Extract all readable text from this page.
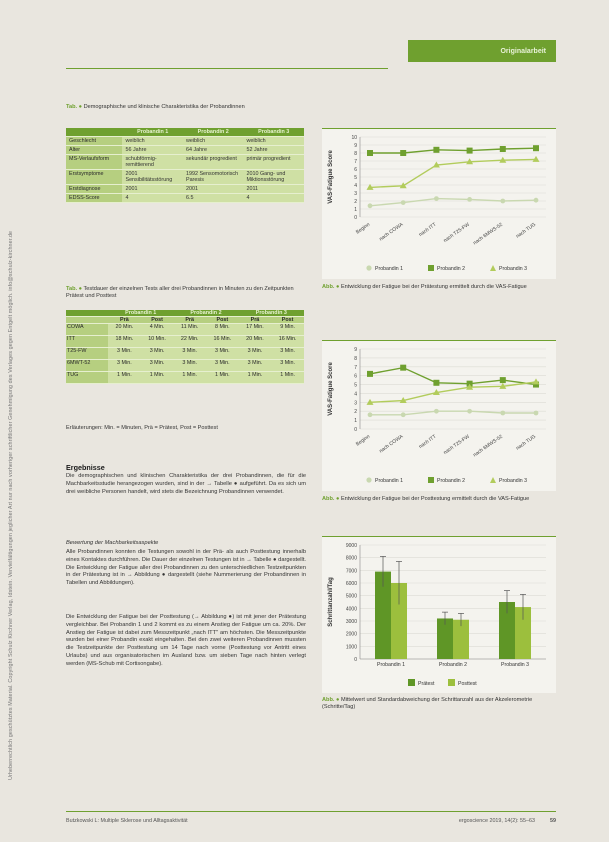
Urheberrechtlich geschütztes Material. Copyright Schulz Kirchner Verlag, Idstein. Vervielfältigungen jeglicher Art nur nach vorheriger schriftlicher Genehmigung des Verlages gegen Entgelt möglich. info@schulz-kirchner.de
Originalarbeit
Tab. ● Demographische und klinische Charakteristika der Probandinnen
	Probandin 1	Probandin 2	Probandin 3
Geschlecht	weiblich	weiblich	weiblich
Alter	56 Jahre	64 Jahre	52 Jahre
MS-Verlaufsform	schubförmig-remittierend	sekundär progredient	primär progredient
Erstsymptome	2001 Sensibilitätsstörung	1992 Sensomotorisch Paresis	2010 Gang- und Miktionsstörung
Erstdiagnose	2001	2001	2011
EDSS-Score	4	6.5	4
Tab. ● Testdauer der einzelnen Tests aller drei Probandinnen in Minuten zu den Zeitpunkten Prätest und Posttest
	Probandin 1		Probandin 2		Probandin 3	
	Prä	Post	Prä	Post	Prä	Post
COWA	20 Min.	4 Min.	11 Min.	8 Min.	17 Min.	9 Min.
ITT	18 Min.	10 Min.	22 Min.	16 Min.	20 Min.	16 Min.
T25-FW	3 Min.	3 Min.	3 Min.	3 Min.	3 Min.	3 Min.
6MWT-52	3 Min.	3 Min.	3 Min.	3 Min.	3 Min.	3 Min.
TUG	1 Min.	1 Min.	1 Min.	1 Min.	1 Min.	1 Min.
Erläuterungen: Min. = Minuten, Prä = Prätest, Post = Posttest
Ergebnisse
Die demographischen und klinischen Charakteristika der drei Probandinnen, die für die Machbarkeitsstudie herangezogen wurden, sind in der → Tabelle ● aufgeführt. Da es sich um drei weibliche Personen handelt, wird stets die Bezeichnung Probandinnen verwendet.
Bewertung der Machbarkeitsaspekte
Alle Probandinnen konnten die Testungen sowohl in der Prä- als auch Posttestung innerhalb eines Kontaktes durchführen. Die Dauer der einzelnen Testungen ist in → Tabelle ● dargestellt. Die Entwicklung der Fatigue aller drei Probandinnen zu den unterschiedlichen Testzeitpunkten in der Prätestung ist in → Abbildung ● dargestellt (siehe Nummerierung der Probandinnen in Tabellen und Abbildungen).
Die Entwicklung der Fatigue bei der Posttestung (→ Abbildung ●) ist mit jener der Prätestung vergleichbar. Bei Probandin 1 und 2 kommt es zu einem Anstieg der Fatigue um ca. 20%. Der Anstieg der Fatigue ist dabei zum Messzeitpunkt „nach ITT" am höchsten. Die Messzeitpunkte wurden bei einer Probandin exakt eingehalten. Bei den zwei weiteren Probandinnen mussten die Testzeitpunkte der Posttestung um 14 Tage nach vorne (Posttestung vor Antritt eines Urlaubs) und aus organisatorischen im Ausland bzw. um sieben Tage nach hinten verlegt werden (MS-Schub mit Cortisongabe).
0
1
2
3
4
5
6
7
8
9
10
VAS-Fatigue Score
Beginn nach COWA	nach ITT nach T25-FW nach 6MWS-52 nach TUG
Probandin 1	Probandin 2	Probandin 3
Abb. ● Entwicklung der Fatigue bei der Prätestung ermittelt durch die VAS-Fatigue
0
1
2
3
4
5
6
7
8
9
VAS-Fatigue Score
Beginn nach COWA	nach ITT nach T25-FW nach 6MWS-52 nach TUG
Probandin 1	Probandin 2	Probandin 3
Abb. ● Entwicklung der Fatigue bei der Posttestung ermittelt durch die VAS-Fatigue
0
1000
2000
3000
4000
5000
6000
7000
8000
9000
Schrittanzahl/Tag
Probandin 1	Probandin 2	Probandin 3
Prätest	Posttest
Abb. ● Mittelwert und Standardabweichung der Schrittanzahl aus der Akzelerometrie (Schritte/Tag)
Butzkowski L: Multiple Sklerose und Alltagsaktivität	ergoscience 2019, 14(2): 55–63	59
